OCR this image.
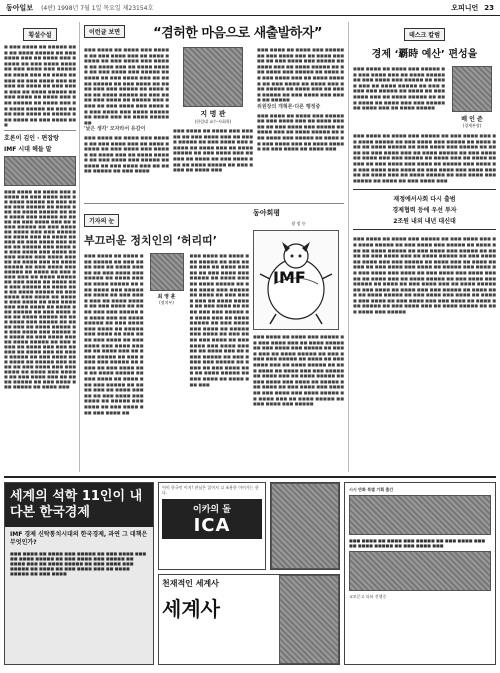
동아일보 (4판) 1998년 7월 1일 목요일 제23154호	오피니언 23
횡설수설
■ ■■■ ■■■■ ■■ ■■■■■ ■■■ ■■ ■■■■ ■■■■■ ■■ ■■■ ■■■■ ■■■ ■■ ■■■■ ■■■ ■■■■■ ■■ ■■■ ■■■■ ■■■■ ■■ ■■■ ■■■■ ■■■ ■■■■■ ■■ ■■■■ ■■■ ■■ ■■■■ ■■■■■ ■■ ■■■ ■■■■ ■■■ ■■■■■ ■■ ■■■■ ■■ ■■■ ■■■■ ■■■ ■■ ■■■■ ■■■■■ ■■ ■■■ ■■■■ ■■ ■■■■ ■■■ ■■■ ■■■■■ ■■ ■■■■ ■■■ ■■ ■■■■ ■■■■■ ■■ ■■■ ■■■■ ■■■ ■■■■ ■■ ■■■■■ ■■■ ■■■■ ■■ ■■■ ■■■■ ■■■
호론이 김인 · 편잡랑
IMF 시대 헤들 말
■■■ ■■■■ ■■ ■■■■ ■■■ ■■■■■ ■■ ■■■ ■■■■ ■■■ ■■ ■■■■ ■■■■■ ■■ ■■■ ■■■■ ■■■ ■■■■■ ■■ ■■■■ ■■■ ■■ ■■■■ ■■■■■ ■■ ■■■ ■■■■ ■■■ ■■■■■ ■■ ■■■■ ■■ ■■■ ■■■■ ■■■ ■■ ■■■■ ■■■■■ ■■ ■■■ ■■■■ ■■ ■■■■ ■■■ ■■■ ■■■■■ ■■ ■■■■ ■■■ ■■ ■■■■ ■■■■■ ■■ ■■■ ■■■■ ■■■ ■■■■ ■■ ■■■■■ ■■■ ■■■■ ■■ ■■■ ■■■■ ■■■ ■■■■ ■■ ■■■ ■■■■ ■■■ ■■■■ ■■■■■ ■■ ■■■■ ■■■ ■■ ■■■■ ■■■■■ ■■ ■■■ ■■■■ ■■■ ■■■■■ ■■ ■■■■ ■■ ■■■ ■■■■ ■■■ ■■ ■■■■ ■■■■■ ■■ ■■■ ■■■■ ■■ ■■■■ ■■■ ■■■ ■■■■■ ■■ ■■■■ ■■■ ■■ ■■■■ ■■■■■ ■■ ■■■ ■■■■ ■■■ ■■■■ ■■ ■■■■■ ■■■ ■■■■ ■■ ■■■ ■■■■ ■■■ ■■■ ■■■■ ■■ ■■■■ ■■■ ■■■■■ ■■ ■■■ ■■■■ ■■■ ■■ ■■■■ ■■■■■ ■■ ■■■ ■■■■ ■■■ ■■■■■ ■■ ■■■■ ■■■ ■■ ■■■■ ■■■■■ ■■ ■■■ ■■■■ ■■■ ■■■■■ ■■ ■■■■ ■■ ■■■ ■■■■ ■■■ ■■ ■■■■ ■■■■■ ■■ ■■■ ■■■■ ■■ ■■■■ ■■■ ■■■ ■■■■■ ■■ ■■■■ ■■■ ■■ ■■■■ ■■■■■ ■■ ■■■ ■■■■ ■■■ ■■■■ ■■ ■■■■■ ■■■ ■■■■ ■■ ■■■ ■■■■ ■■■ ■■■ ■■■■ ■■ ■■■■ ■■■ ■■■■■ ■■ ■■■ ■■■■ ■■■ ■■ ■■■■ ■■■■■ ■■ ■■■ ■■■■ ■■■ ■■■■■ ■■ ■■■■ ■■■
이런글 보면	“겸허한 마음으로 새출발하자”
■■■ ■■■■ ■■ ■■■■ ■■■ ■■■■■ ■■ ■■■ ■■■■ ■■■ ■■ ■■■■ ■■■■■ ■■ ■■■ ■■■■ ■■■ ■■■■■ ■■ ■■■■ ■■■ ■■ ■■■■ ■■■■■ ■■ ■■■ ■■■■ ■■■ ■■■■■ ■■ ■■■■ ■■ ■■■ ■■■■ ■■■ ■■ ■■■■ ■■■■■ ■■ ■■■ ■■■■ ■■ ■■■■ ■■■ ■■■ ■■■■■ ■■ ■■■■ ■■■ ■■ ■■■■ ■■■■■ ■■ ■■■ ■■■■ ■■■ ■■■■ ■■ ■■■■■ ■■■ ■■■■ ■■ ■■■ ■■■■ ■■■ ■■■■ ■■ ■■■ ■■■■ ■■■ ■■■■ ■■■■■ ■■ ■■■■ ■■■ ■■ ■■■■ ■■■■■ ■■
'낯은 생각' 모자라서 유감이
■■■ ■■■■ ■■ ■■■■ ■■■ ■■■■■ ■■ ■■■ ■■■■ ■■■ ■■ ■■■■ ■■■■■ ■■ ■■■ ■■■■ ■■■ ■■■■■ ■■ ■■■■ ■■■ ■■ ■■■■ ■■■■■ ■■ ■■■ ■■■■ ■■■ ■■■■■ ■■ ■■■■ ■■ ■■■ ■■■■ ■■■ ■■ ■■■■ ■■■■■ ■■ ■■■ ■■■■
지 명 관
(한림대 교수·사회학)
■■■ ■■■■ ■■ ■■■■ ■■■ ■■■■■ ■■ ■■■ ■■■■ ■■■ ■■ ■■■■ ■■■■■ ■■ ■■■ ■■■■ ■■■ ■■■■■ ■■ ■■■■ ■■■ ■■ ■■■■ ■■■■■ ■■ ■■■ ■■■■ ■■■ ■■■■■ ■■ ■■■■ ■■ ■■■ ■■■■ ■■■ ■■ ■■■■ ■■■■■ ■■ ■■■ ■■■■ ■■ ■■■■ ■■■
■■■ ■■■■ ■■ ■■■■ ■■■ ■■■■■ ■■ ■■■ ■■■■ ■■■ ■■ ■■■■ ■■■■■ ■■ ■■■ ■■■■ ■■■ ■■■■■ ■■ ■■■■ ■■■ ■■ ■■■■ ■■■■■ ■■ ■■■ ■■■■ ■■■ ■■■■■ ■■ ■■■■ ■■ ■■■ ■■■■ ■■■ ■■ ■■■■ ■■■■■ ■■ ■■■ ■■■■ ■■ ■■■■ ■■■ ■■■ ■■■■■ ■■ ■■■■ ■■■ ■■ ■■■■ ■■■■■ ■■ ■■■ ■■■■ ■■■ ■■■■ ■■ ■■■■■
위원장의 개혁론·다른 행정중
■■■ ■■■■ ■■ ■■■■ ■■■ ■■■■■ ■■ ■■■ ■■■■ ■■■ ■■ ■■■■ ■■■■■ ■■ ■■■ ■■■■ ■■■ ■■■■■ ■■ ■■■■ ■■■ ■■ ■■■■ ■■■■■ ■■ ■■■ ■■■■ ■■■ ■■■■■ ■■ ■■■■ ■■ ■■■ ■■■■ ■■■ ■■ ■■■■ ■■■■■ ■■ ■■■ ■■■■ ■■ ■■■■ ■■■
기자의 눈
부끄러운 정치인의 ‘허리띠’
■■■ ■■■■ ■■ ■■■■ ■■■ ■■■■■ ■■ ■■■ ■■■■ ■■■ ■■ ■■■■ ■■■■■ ■■ ■■■ ■■■■ ■■■ ■■■■■ ■■ ■■■■ ■■■ ■■ ■■■■ ■■■■■ ■■ ■■■ ■■■■ ■■■ ■■■■■ ■■ ■■■■ ■■ ■■■ ■■■■ ■■■ ■■ ■■■■ ■■■■■ ■■ ■■■ ■■■■ ■■ ■■■■ ■■■ ■■■ ■■■■■ ■■ ■■■■ ■■■ ■■ ■■■■ ■■■■■ ■■ ■■■ ■■■■ ■■■ ■■■■ ■■ ■■■■■ ■■■ ■■■■ ■■ ■■■ ■■■■ ■■■ ■■■■ ■■ ■■■ ■■■■ ■■■ ■■■■ ■■■■■ ■■ ■■■■ ■■■ ■■ ■■■■ ■■■■■ ■■ ■■■ ■■■■ ■■■ ■■■■■ ■■ ■■■■ ■■ ■■■ ■■■■ ■■■ ■■ ■■■■ ■■■■■ ■■ ■■■ ■■■■ ■■ ■■■■ ■■■ ■■■ ■■■■■ ■■ ■■■■ ■■■ ■■ ■■■■ ■■■■■ ■■ ■■■ ■■■■ ■■■ ■■■■ ■■ ■■■■■ ■■■ ■■■■ ■■ ■■■ ■■■■ ■■■ ■■■ ■■■■ ■■
최 영 훈
(정치부)
■■■ ■■■■ ■■ ■■■■ ■■■ ■■■■■ ■■ ■■■ ■■■■ ■■■ ■■ ■■■■ ■■■■■ ■■ ■■■ ■■■■ ■■■ ■■■■■ ■■ ■■■■ ■■■ ■■ ■■■■ ■■■■■ ■■ ■■■ ■■■■ ■■■ ■■■■■ ■■ ■■■■ ■■ ■■■ ■■■■ ■■■ ■■ ■■■■ ■■■■■ ■■ ■■■ ■■■■ ■■ ■■■■ ■■■ ■■■ ■■■■■ ■■ ■■■■ ■■■ ■■ ■■■■ ■■■■■ ■■ ■■■ ■■■■ ■■■ ■■■■ ■■ ■■■■■ ■■■ ■■■■ ■■ ■■■ ■■■■ ■■■ ■■■■ ■■ ■■■ ■■■■ ■■■ ■■■■ ■■■■■ ■■ ■■■■ ■■■ ■■ ■■■■ ■■■■■ ■■ ■■■ ■■■■ ■■■ ■■■■■ ■■ ■■■■ ■■ ■■■ ■■■■ ■■■ ■■ ■■■■ ■■■■■ ■■ ■■■ ■■■■ ■■ ■■■■ ■■■ ■■■
동아희평
광 정 등
IMF
■■■ ■■■■ ■■ ■■■■ ■■■ ■■■■■ ■■ ■■■ ■■■■ ■■■ ■■ ■■■■ ■■■■■ ■■ ■■■ ■■■■ ■■■ ■■■■■ ■■ ■■■■ ■■■ ■■ ■■■■ ■■■■■ ■■ ■■■ ■■■■ ■■■ ■■■■■ ■■ ■■■■ ■■ ■■■ ■■■■ ■■■ ■■ ■■■■ ■■■■■ ■■ ■■■ ■■■■ ■■ ■■■■ ■■■ ■■■ ■■■■■ ■■ ■■■■ ■■■ ■■ ■■■■ ■■■■■ ■■ ■■■ ■■■■ ■■■ ■■■■ ■■ ■■■■■ ■■■ ■■■■ ■■ ■■■ ■■■■ ■■■ ■■■■ ■■ ■■■ ■■■■ ■■■ ■■■■ ■■■■■ ■■ ■■■■ ■■■ ■■ ■■■■ ■■■■■ ■■ ■■■ ■■■■ ■■■ ■■■■■
데스크 칼럼
경제 ‘覇時 예산’ 편성을
■■■ ■■■■ ■■ ■■■■ ■■■ ■■■■■ ■■ ■■■ ■■■■ ■■■ ■■ ■■■■ ■■■■■ ■■ ■■■ ■■■■ ■■■ ■■■■■ ■■ ■■■■ ■■■ ■■ ■■■■ ■■■■■ ■■ ■■■ ■■■■ ■■■ ■■■■■ ■■ ■■■■ ■■ ■■■ ■■■■ ■■■ ■■ ■■■■ ■■■■■ ■■ ■■■ ■■■■ ■■ ■■■■ ■■■ ■■■ ■■■■■ ■■ ■■■■ ■■■ ■■ ■■■■ ■■■■■
배 인 준
(경제부장)
■■■ ■■■■ ■■ ■■■■ ■■■ ■■■■■ ■■ ■■■ ■■■■ ■■■ ■■ ■■■■ ■■■■■ ■■ ■■■ ■■■■ ■■■ ■■■■■ ■■ ■■■■ ■■■ ■■ ■■■■ ■■■■■ ■■ ■■■ ■■■■ ■■■ ■■■■■ ■■ ■■■■ ■■ ■■■ ■■■■ ■■■ ■■ ■■■■ ■■■■■ ■■ ■■■ ■■■■ ■■ ■■■■ ■■■ ■■■ ■■■■■ ■■ ■■■■ ■■■ ■■ ■■■■ ■■■■■ ■■ ■■■ ■■■■ ■■■ ■■■■ ■■ ■■■■■ ■■■ ■■■■ ■■ ■■■ ■■■■ ■■■ ■■■■ ■■ ■■■ ■■■■ ■■■ ■■■■ ■■■■■ ■■ ■■■■ ■■■ ■■ ■■■■ ■■■■■ ■■ ■■■ ■■■■ ■■■ ■■■■■ ■■ ■■■■ ■■ ■■■ ■■■■ ■■■
재정에서사회 다시 출범
경제협력 등에 우선 투자
2조원 내외 내년 대신대
■■■ ■■■■ ■■ ■■■■ ■■■ ■■■■■ ■■ ■■■ ■■■■ ■■■ ■■ ■■■■ ■■■■■ ■■ ■■■ ■■■■ ■■■ ■■■■■ ■■ ■■■■ ■■■ ■■ ■■■■ ■■■■■ ■■ ■■■ ■■■■ ■■■ ■■■■■ ■■ ■■■■ ■■ ■■■ ■■■■ ■■■ ■■ ■■■■ ■■■■■ ■■ ■■■ ■■■■ ■■ ■■■■ ■■■ ■■■ ■■■■■ ■■ ■■■■ ■■■ ■■ ■■■■ ■■■■■ ■■ ■■■ ■■■■ ■■■ ■■■■ ■■ ■■■■■ ■■■ ■■■■ ■■ ■■■ ■■■■ ■■■ ■■■■ ■■ ■■■ ■■■■ ■■■ ■■■■ ■■■■■ ■■ ■■■■ ■■■ ■■ ■■■■ ■■■■■ ■■ ■■■ ■■■■ ■■■ ■■■■■ ■■ ■■■■ ■■ ■■■ ■■■■ ■■■ ■■ ■■■■ ■■■■■ ■■ ■■■ ■■■■ ■■ ■■■■ ■■■ ■■■ ■■■■■ ■■ ■■■■ ■■■ ■■ ■■■■ ■■■■■ ■■ ■■■ ■■■■ ■■■ ■■■■ ■■ ■■■■■ ■■■ ■■■■ ■■ ■■■ ■■■■ ■■■ ■■■ ■■■■ ■■ ■■■■ ■■■ ■■■■■ ■■ ■■■ ■■■■ ■■■ ■■ ■■■■ ■■■■■ ■■ ■■■ ■■■■ ■■■ ■■■■■
세계의 석학 11인이 내다본 한국경제
IMF 경제 신탁통치시대의 한국경제, 과연 그 대책은 무엇인가?
■■■ ■■■■ ■■ ■■■■ ■■■ ■■■■■ ■■ ■■■ ■■■■ ■■■ ■■ ■■■■ ■■■■■ ■■ ■■■ ■■■■ ■■■ ■■■■■ ■■ ■■■■ ■■■ ■■ ■■■■ ■■■■■ ■■ ■■■ ■■■■ ■■■ ■■■■■ ■■ ■■■■ ■■ ■■■ ■■■■ ■■■ ■■ ■■■■ ■■■■■ ■■ ■■■ ■■■■
어이 한국인 이지! 관심은 있어지 고 조용한 이어가는 한다.
이카의 돌
ICA
천재적인 세계사
세계사
시시 만화 특별 기획 출간
■■■ ■■■■ ■■ ■■■■ ■■■ ■■■■■ ■■ ■■■ ■■■■ ■■■ ■■ ■■■■ ■■■■■ ■■ ■■■ ■■■■ ■■■
교보문고 리뷰 진행중
